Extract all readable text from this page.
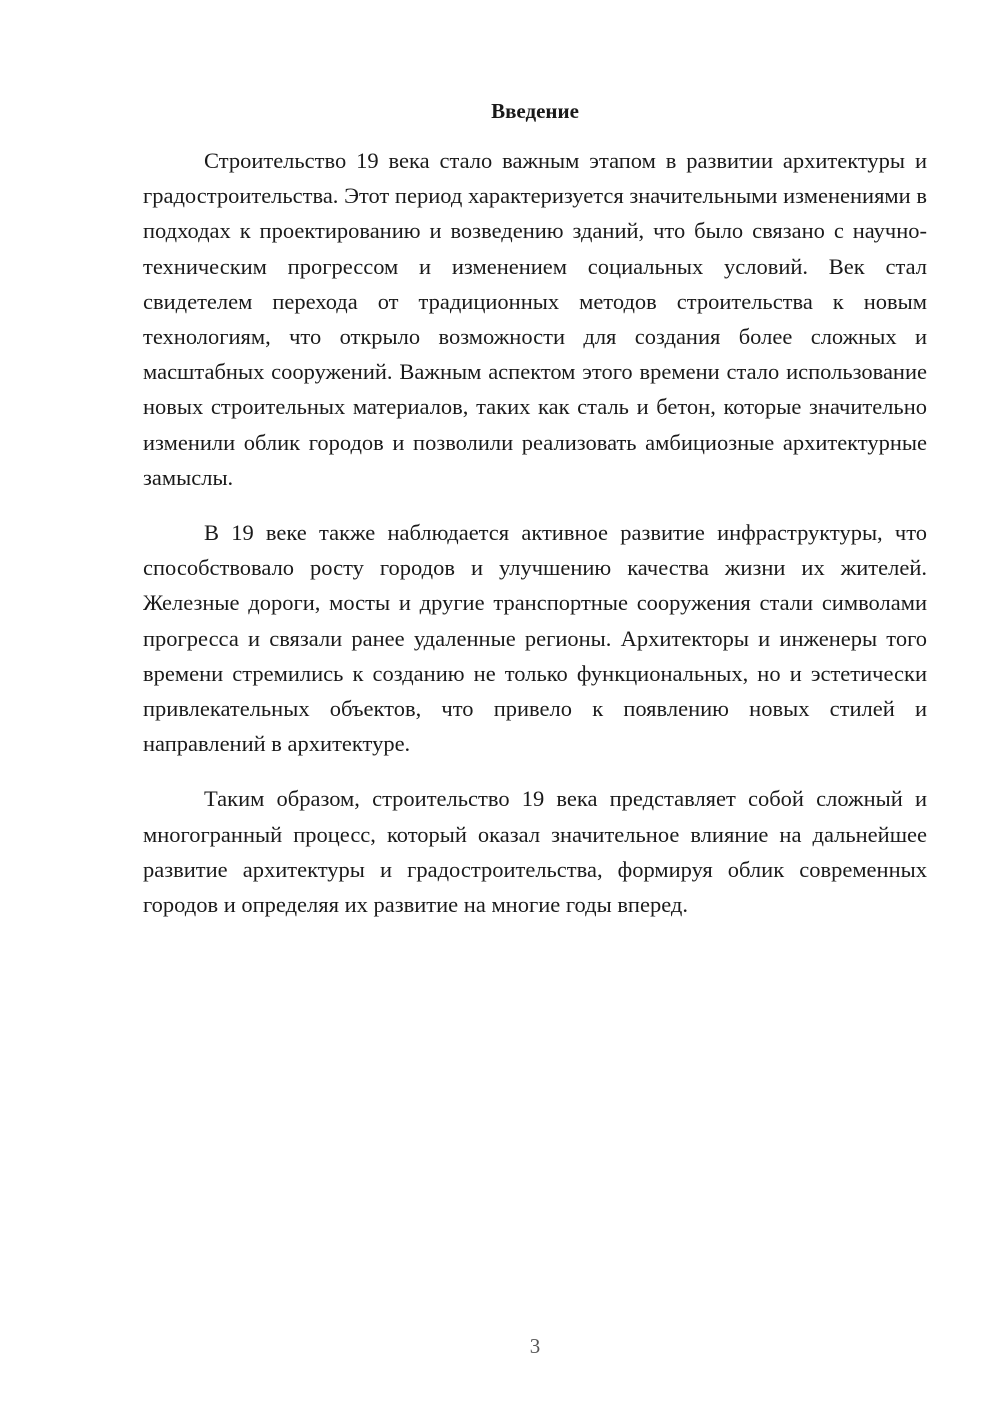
Введение

Строительство 19 века стало важным этапом в развитии архитектуры и градостроительства. Этот период характеризуется значительными изменениями в подходах к проектированию и возведению зданий, что было связано с научно-техническим прогрессом и изменением социальных условий. Век стал свидетелем перехода от традиционных методов строительства к новым технологиям, что открыло возможности для создания более сложных и масштабных сооружений. Важным аспектом этого времени стало использование новых строительных материалов, таких как сталь и бетон, которые значительно изменили облик городов и позволили реализовать амбициозные архитектурные замыслы.

В 19 веке также наблюдается активное развитие инфраструктуры, что способствовало росту городов и улучшению качества жизни их жителей. Железные дороги, мосты и другие транспортные сооружения стали символами прогресса и связали ранее удаленные регионы. Архитекторы и инженеры того времени стремились к созданию не только функциональных, но и эстетически привлекательных объектов, что привело к появлению новых стилей и направлений в архитектуре.

Таким образом, строительство 19 века представляет собой сложный и многогранный процесс, который оказал значительное влияние на дальнейшее развитие архитектуры и градостроительства, формируя облик современных городов и определяя их развитие на многие годы вперед.

3
